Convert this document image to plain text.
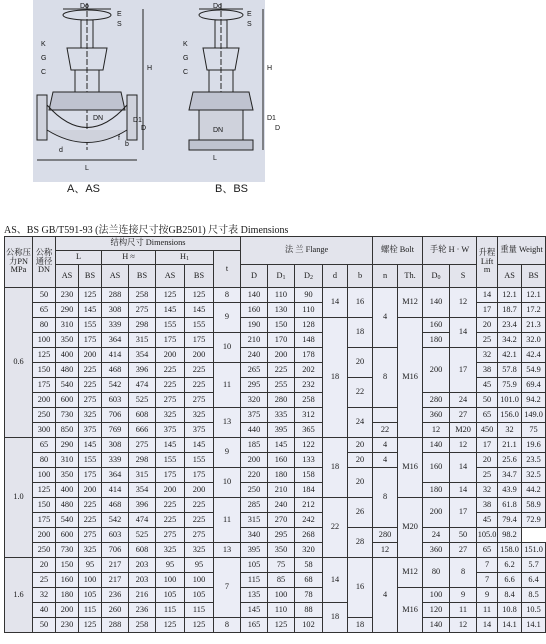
Do
E
S
K
G
C
H
D1
D
DN
f
b
d
L
A、AS
Do
E
S
K
G
C
H
D1
D
DN
L
B、BS
AS、BS GB/T591-93 (法兰连接尺寸按GB2501) 尺寸表 Dimensions
公称压力PN MPa	公称通径DN	结构尺寸 Dimensions							法 兰 Flange					螺栓 Bolt		手轮 H · W		升程 Lift m	重量 Weight		
		L		H ≈		$H_1$		t													
		AS	BS	AS	BS	AS	BS		D	$D_1$	$D_2$	d	b	n	Th.	$D_0$	S		AS	BS	
0.6	50	230	125	288	258	125	125	8	140	110	90	14	16	4	M12	140	12	14	12.1	12.1	
	65	290	145	308	275	145	145	9	160	130	110							17	18.7	17.2	
	80	310	155	339	298	155	155		190	150	128	18	18		M16	160	14	20	23.4	21.3	
	100	350	175	364	315	175	175	10	210	170	148					180		25	34.2	32.0	
	125	400	200	414	354	200	200		240	200	178		20	8		200	17	32	42.1	42.4	
	150	480	225	468	396	225	225	11	265	225	202							38	57.8	54.9	
	175	540	225	542	474	225	225		295	255	232		22					45	75.9	69.4	
	200	600	275	603	525	275	275		320	280	258					280	24	50	101.0	94.2	
	250	730	325	706	608	325	325	13	375	335	312		24			360	27	65	156.0	149.0	
	300	850	375	769	666	375	375		440	395	365			22		12	M20	450	32	75		
1.0	65	290	145	308	275	145	145	9	185	145	122	18	20	4	M16	140	12	17	21.1	19.6	
	80	310	155	339	298	155	155		200	160	133		20	4		160	14	20	25.6	23.5	
	100	350	175	364	315	175	175	10	220	180	158		20	8				25	34.7	32.5	
	125	400	200	414	354	200	200		250	210	184					180	14	32	43.9	44.2	
	150	480	225	468	396	225	225	11	285	240	212	22	26		M20	200	17	38	61.8	58.9	
	175	540	225	542	474	225	225		315	270	242							45	79.4	72.9	
	200	600	275	603	525	275	275		340	295	268		28	280		24	50	105.0	98.2		
	250	730	325	706	608	325	325	13	395	350	320			12		360	27	65	158.0	151.0	
1.6	20	150	95	217	203	95	95	7	105	75	58	14	16	4	M12	80	8	7	6.2	5.7	
	25	160	100	217	203	100	100		115	85	68							7	6.6	6.4	
	32	180	105	236	216	105	105		135	100	78				M16	100	9	9	8.4	8.5	
	40	200	115	260	236	115	115		145	110	88	18				120	11	11	10.8	10.5	
	50	230	125	288	258	125	125	8	165	125	102		18			140	12	14	14.1	14.1	
